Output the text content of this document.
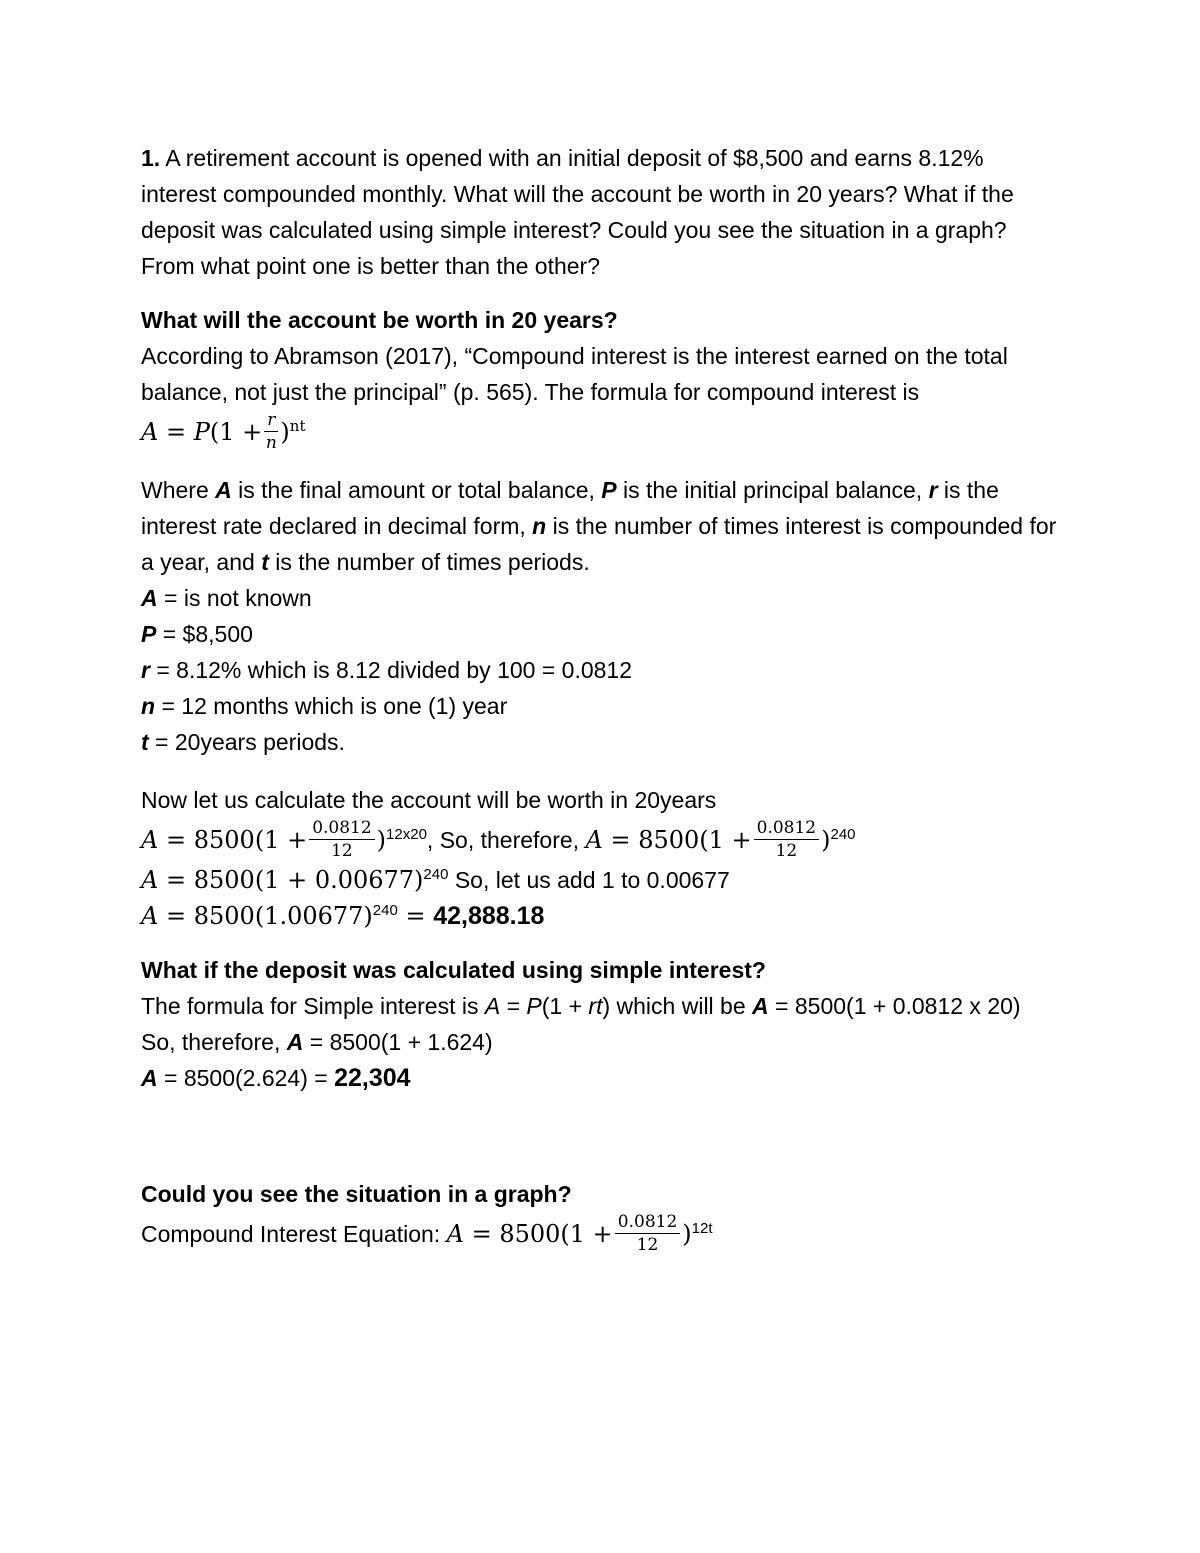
1. A retirement account is opened with an initial deposit of $8,500 and earns 8.12% interest compounded monthly. What will the account be worth in 20 years? What if the deposit was calculated using simple interest? Could you see the situation in a graph? From what point one is better than the other?

What will the account be worth in 20 years?

According to Abramson (2017), “Compound interest is the interest earned on the total balance, not just the principal” (p. 565). The formula for compound interest is

$A = P(1 + \frac{r}{n} )^{nt}$

Where A is the final amount or total balance, P is the initial principal balance, r is the interest rate declared in decimal form, n is the number of times interest is compounded for a year, and t is the number of times periods.

A = is not known

P = $8,500

r = 8.12% which is 8.12 divided by 100 = 0.0812

n = 12 months which is one (1) year

t = 20years periods.

Now let us calculate the account will be worth in 20years

$A = 8500(1 + \frac{0.0812}{12} )^{12x20}$, So, therefore, $A = 8500(1 + \frac{0.0812}{12} )^{240}$

$A = 8500(1 + 0.00677)^{240}$ So, let us add 1 to 0.00677

$A = 8500(1.00677)^{240} = 42,888.18$

What if the deposit was calculated using simple interest?

The formula for Simple interest is A = P(1 + rt) which will be A = 8500(1 + 0.0812 x 20)

So, therefore, A = 8500(1 + 1.624)

A = 8500(2.624) = 22,304

Could you see the situation in a graph?

Compound Interest Equation: $A = 8500(1 + \frac{0.0812}{12} )^{12t}$
